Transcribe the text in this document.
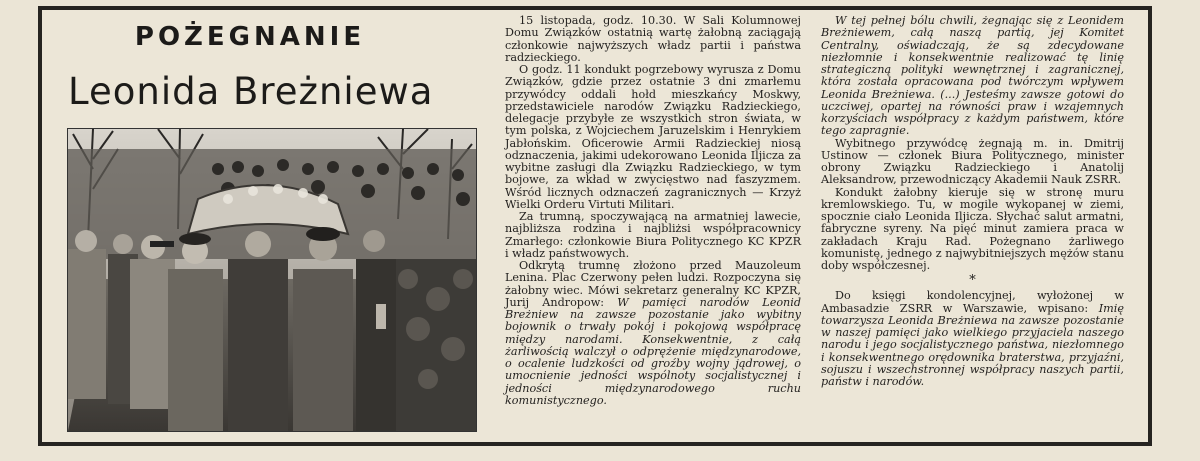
POŻEGNANIE
Leonida Breżniewa

15 listopada, godz. 10.30. W Sali Kolumnowej Domu Związków ostatnią wartę żałobną zaciągają członkowie najwyższych władz partii i państwa radzieckiego.

O godz. 11 kondukt pogrzebowy wyrusza z Domu Związków, gdzie przez ostatnie 3 dni zmarłemu przywódcy oddali hołd mieszkańcy Moskwy, przedstawiciele narodów Związku Radzieckiego, delegacje przybyłe ze wszystkich stron świata, w tym polska, z Wojciechem Jaruzelskim i Henrykiem Jabłońskim. Oficerowie Armii Radzieckiej niosą odznaczenia, jakimi udekorowano Leonida Iljicza za wybitne zasługi dla Związku Radzieckiego, w tym bojowe, za wkład w zwycięstwo nad faszyzmem. Wśród licznych odznaczeń zagranicznych — Krzyż Wielki Orderu Virtuti Militari.

Za trumną, spoczywającą na armatniej lawecie, najbliższa rodzina i najbliżsi współpracownicy Zmarłego: członkowie Biura Politycznego KC KPZR i władz państwowych.

Odkrytą trumnę złożono przed Mauzoleum Lenina. Plac Czerwony pełen ludzi. Rozpoczyna się żałobny wiec. Mówi sekretarz generalny KC KPZR, Jurij Andropow: W pamięci narodów Leonid Breżniew na zawsze pozostanie jako wybitny bojownik o trwały pokój i pokojową współpracę między narodami. Konsekwentnie, z całą żarliwością walczył o odprężenie międzynarodowe, o ocalenie ludzkości od groźby wojny jądrowej, o umocnienie jedności wspólnoty socjalistycznej i jedności międzynarodowego ruchu komunistycznego.

W tej pełnej bólu chwili, żegnając się z Leonidem Breżniewem, całą naszą partią, jej Komitet Centralny, oświadczają, że są zdecydowane niezłomnie i konsekwentnie realizować tę linię strategiczną polityki wewnętrznej i zagranicznej, która została opracowana pod twórczym wpływem Leonida Breżniewa. (...) Jesteśmy zawsze gotowi do uczciwej, opartej na równości praw i wzajemnych korzyściach współpracy z każdym państwem, które tego zapragnie.

Wybitnego przywódcę żegnają m. in. Dmitrij Ustinow — członek Biura Politycznego, minister obrony Związku Radzieckiego i Anatolij Aleksandrow, przewodniczący Akademii Nauk ZSRR.

Kondukt żałobny kieruje się w stronę muru kremlowskiego. Tu, w mogile wykopanej w ziemi, spocznie ciało Leonida Iljicza. Słychać salut armatni, fabryczne syreny. Na pięć minut zamiera praca w zakładach Kraju Rad. Pożegnano żarliwego komunistę, jednego z najwybitniejszych mężów stanu doby współczesnej.

*

Do księgi kondolencyjnej, wyłożonej w Ambasadzie ZSRR w Warszawie, wpisano: Imię towarzysza Leonida Breżniewa na zawsze pozostanie w naszej pamięci jako wielkiego przyjaciela naszego narodu i jego socjalistycznego państwa, niezłomnego i konsekwentnego orędownika braterstwa, przyjaźni, sojuszu i wszechstronnej współpracy naszych partii, państw i narodów.
